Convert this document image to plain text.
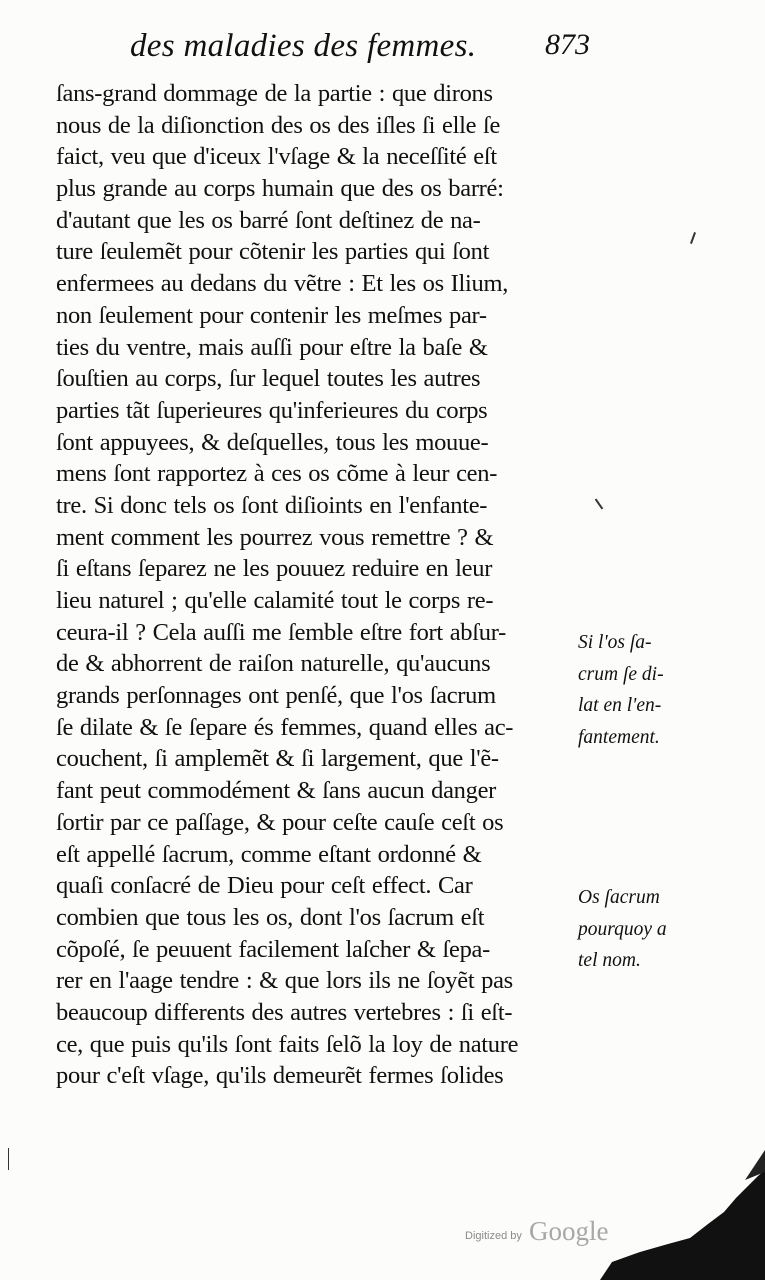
des maladies des femmes. 873
ſans-grand dommage de la partie : que dirons
nous de la diſionction des os des iſles ſi elle ſe
faict, veu que d'iceux l'vſage & la neceſſité eſt
plus grande au corps humain que des os barré:
d'autant que les os barré ſont deſtinez de na-
ture ſeulemẽt pour cõtenir les parties qui ſont
enfermees au dedans du vẽtre : Et les os Ilium,
non ſeulement pour contenir les meſmes par-
ties du ventre, mais auſſi pour eſtre la baſe &
ſouſtien au corps, ſur lequel toutes les autres
parties tãt ſuperieures qu'inferieures du corps
ſont appuyees, & deſquelles, tous les mouue-
mens ſont rapportez à ces os cõme à leur cen-
tre. Si donc tels os ſont diſioints en l'enfante-
ment comment les pourrez vous remettre ? &
ſi eſtans ſeparez ne les pouuez reduire en leur
lieu naturel ; qu'elle calamité tout le corps re-
ceura-il ? Cela auſſi me ſemble eſtre fort abſur-
de & abhorrent de raiſon naturelle, qu'aucuns
grands perſonnages ont penſé, que l'os ſacrum
ſe dilate & ſe ſepare és femmes, quand elles ac-
couchent, ſi amplemẽt & ſi largement, que l'ẽ-
fant peut commodément & ſans aucun danger
ſortir par ce paſſage, & pour ceſte cauſe ceſt os
eſt appellé ſacrum, comme eſtant ordonné &
quaſi conſacré de Dieu pour ceſt effect. Car
combien que tous les os, dont l'os ſacrum eſt
cõpoſé, ſe peuuent facilement laſcher & ſepa-
rer en l'aage tendre : & que lors ils ne ſoyẽt pas
beaucoup differents des autres vertebres : ſi eſt-
ce, que puis qu'ils ſont faits ſelõ la loy de nature
pour c'eſt vſage, qu'ils demeurẽt fermes ſolides
Si l'os ſa-
crum ſe di-
lat en l'en-
fantement.
Os ſacrum
pourquoy a
tel nom.
Digitized by Google
